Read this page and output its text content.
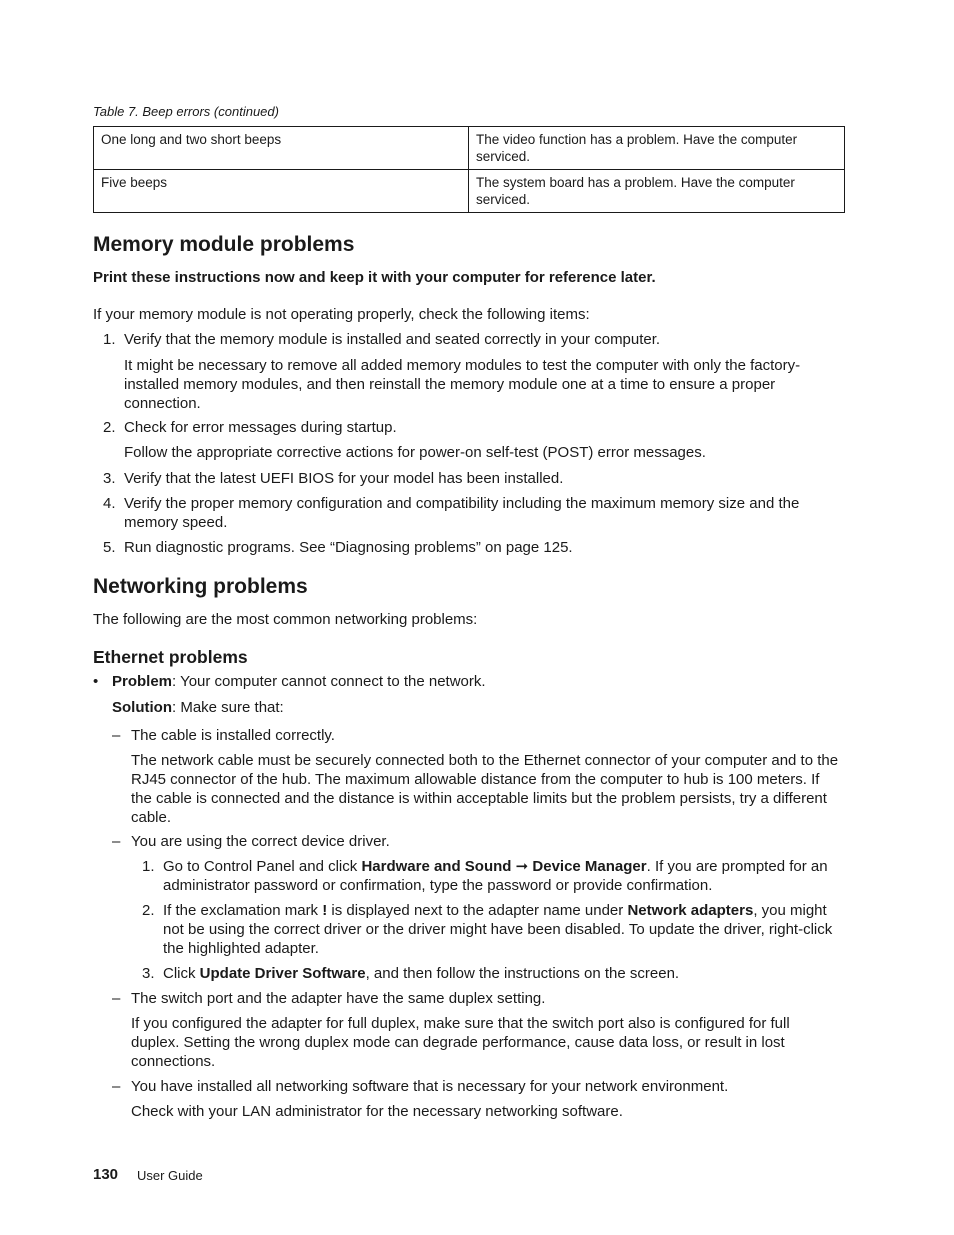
Table 7. Beep errors (continued)
One long and two short beeps	The video function has a problem. Have the computer serviced.
Five beeps	The system board has a problem. Have the computer serviced.
Memory module problems

Print these instructions now and keep it with your computer for reference later.

If your memory module is not operating properly, check the following items:

1. Verify that the memory module is installed and seated correctly in your computer.

It might be necessary to remove all added memory modules to test the computer with only the factory-installed memory modules, and then reinstall the memory module one at a time to ensure a proper connection.

2. Check for error messages during startup.

Follow the appropriate corrective actions for power-on self-test (POST) error messages.

3. Verify that the latest UEFI BIOS for your model has been installed.

4. Verify the proper memory configuration and compatibility including the maximum memory size and the memory speed.

5. Run diagnostic programs. See “Diagnosing problems” on page 125.

Networking problems

The following are the most common networking problems:

Ethernet problems
• Problem: Your computer cannot connect to the network.

Solution: Make sure that:

– The cable is installed correctly.

The network cable must be securely connected both to the Ethernet connector of your computer and to the RJ45 connector of the hub. The maximum allowable distance from the computer to hub is 100 meters. If the cable is connected and the distance is within acceptable limits but the problem persists, try a different cable.

– You are using the correct device driver.

1. Go to Control Panel and click Hardware and Sound ➞ Device Manager. If you are prompted for an administrator password or confirmation, type the password or provide confirmation.

2. If the exclamation mark ! is displayed next to the adapter name under Network adapters, you might not be using the correct driver or the driver might have been disabled. To update the driver, right-click the highlighted adapter.

3. Click Update Driver Software, and then follow the instructions on the screen.

– The switch port and the adapter have the same duplex setting.

If you configured the adapter for full duplex, make sure that the switch port also is configured for full duplex. Setting the wrong duplex mode can degrade performance, cause data loss, or result in lost connections.

– You have installed all networking software that is necessary for your network environment.

Check with your LAN administrator for the necessary networking software.

130 User Guide
